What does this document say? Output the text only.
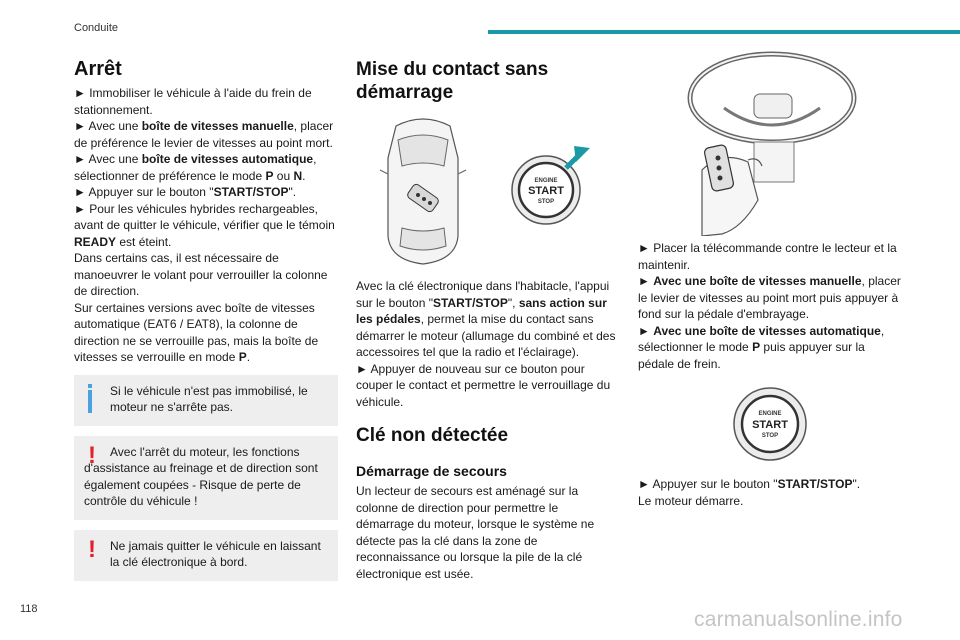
Conduite
Arrêt
► Immobiliser le véhicule à l'aide du frein de stationnement.
► Avec une boîte de vitesses manuelle, placer de préférence le levier de vitesses au point mort.
► Avec une boîte de vitesses automatique, sélectionner de préférence le mode P ou N.
► Appuyer sur le bouton "START/STOP".
► Pour les véhicules hybrides rechargeables, avant de quitter le véhicule, vérifier que le témoin READY est éteint.
Dans certains cas, il est nécessaire de manoeuvrer le volant pour verrouiller la colonne de direction.
Sur certaines versions avec boîte de vitesses automatique (EAT6 / EAT8), la colonne de direction ne se verrouille pas, mais la boîte de vitesses se verrouille en mode P.
Si le véhicule n'est pas immobilisé, le moteur ne s'arrête pas.
! Avec l'arrêt du moteur, les fonctions d'assistance au freinage et de direction sont également coupées - Risque de perte de contrôle du véhicule !
! Ne jamais quitter le véhicule en laissant la clé électronique à bord.
Mise du contact sans démarrage
ENGINE
START
STOP
Avec la clé électronique dans l'habitacle, l'appui sur le bouton "START/STOP", sans action sur les pédales, permet la mise du contact sans démarrer le moteur (allumage du combiné et des accessoires tel que la radio et l'éclairage).
► Appuyer de nouveau sur ce bouton pour couper le contact et permettre le verrouillage du véhicule.
Clé non détectée
Démarrage de secours
Un lecteur de secours est aménagé sur la colonne de direction pour permettre le démarrage du moteur, lorsque le système ne détecte pas la clé dans la zone de reconnaissance ou lorsque la pile de la clé électronique est usée.
► Placer la télécommande contre le lecteur et la maintenir.
► Avec une boîte de vitesses manuelle, placer le levier de vitesses au point mort puis appuyer à fond sur la pédale d'embrayage.
► Avec une boîte de vitesses automatique, sélectionner le mode P puis appuyer sur la pédale de frein.
ENGINE
START
STOP
► Appuyer sur le bouton "START/STOP".
Le moteur démarre.
118	carmanualsonline.info
